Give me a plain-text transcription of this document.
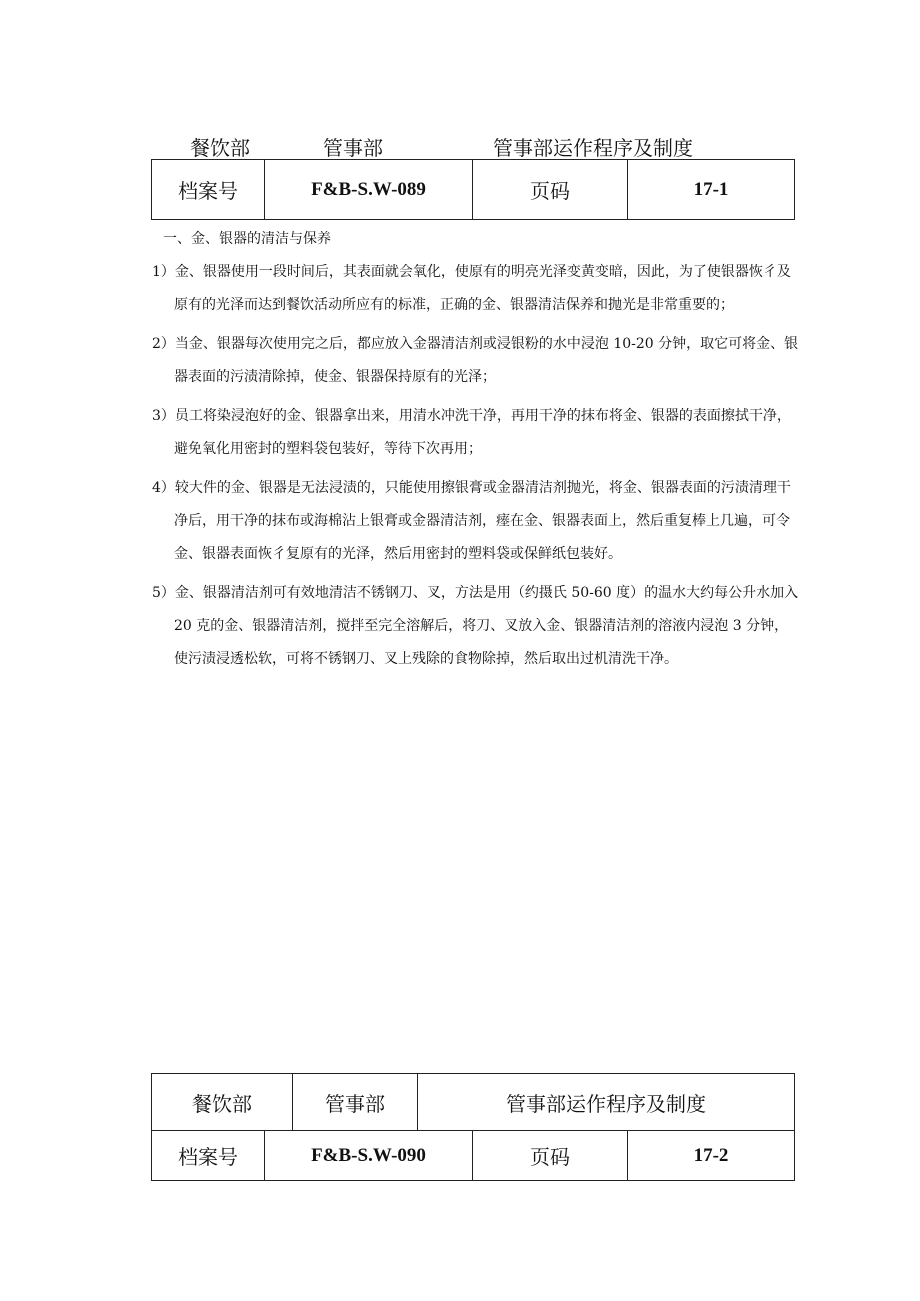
餐饮部	管事部	管事部运作程序及制度
档案号	F&B-S.W-089	页码	17-1
一、金、银器的清洁与保养
1）金、银器使用一段时间后，其表面就会氧化，使原有的明亮光泽变黄变暗，因此，为了使银器恢彳及原有的光泽而达到餐饮活动所应有的标准，正确的金、银器清洁保养和抛光是非常重要的；
2）当金、银器每次使用完之后，都应放入金器清洁剂或浸银粉的水中浸泡 10-20 分钟，取它可将金、银器表面的污渍清除掉，使金、银器保持原有的光泽；
3）员工将染浸泡好的金、银器拿出来，用清水冲洗干净，再用干净的抹布将金、银器的表面擦拭干净，避免氧化用密封的塑料袋包装好，等待下次再用；
4）较大件的金、银器是无法浸渍的，只能使用擦银膏或金器清洁剂抛光，将金、银器表面的污渍清理干净后，用干净的抹布或海棉沾上银膏或金器清洁剂，瘗在金、银器表面上，然后重复棒上几遍，可令金、银器表面恢彳复原有的光泽，然后用密封的塑料袋或保鲜纸包装好。
5）金、银器清洁剂可有效地清洁不锈钢刀、叉，方法是用（约摄氏 50-60 度）的温水大约每公升水加入 20 克的金、银器清洁剂，搅拌至完全溶解后，将刀、叉放入金、银器清洁剂的溶液内浸泡 3 分钟，使污渍浸透松软，可将不锈钢刀、叉上残除的食物除掉，然后取出过机清洗干净。
餐饮部		管事部	管事部运作程序及制度		
档案号	F&B-S.W-090			页码	17-2
